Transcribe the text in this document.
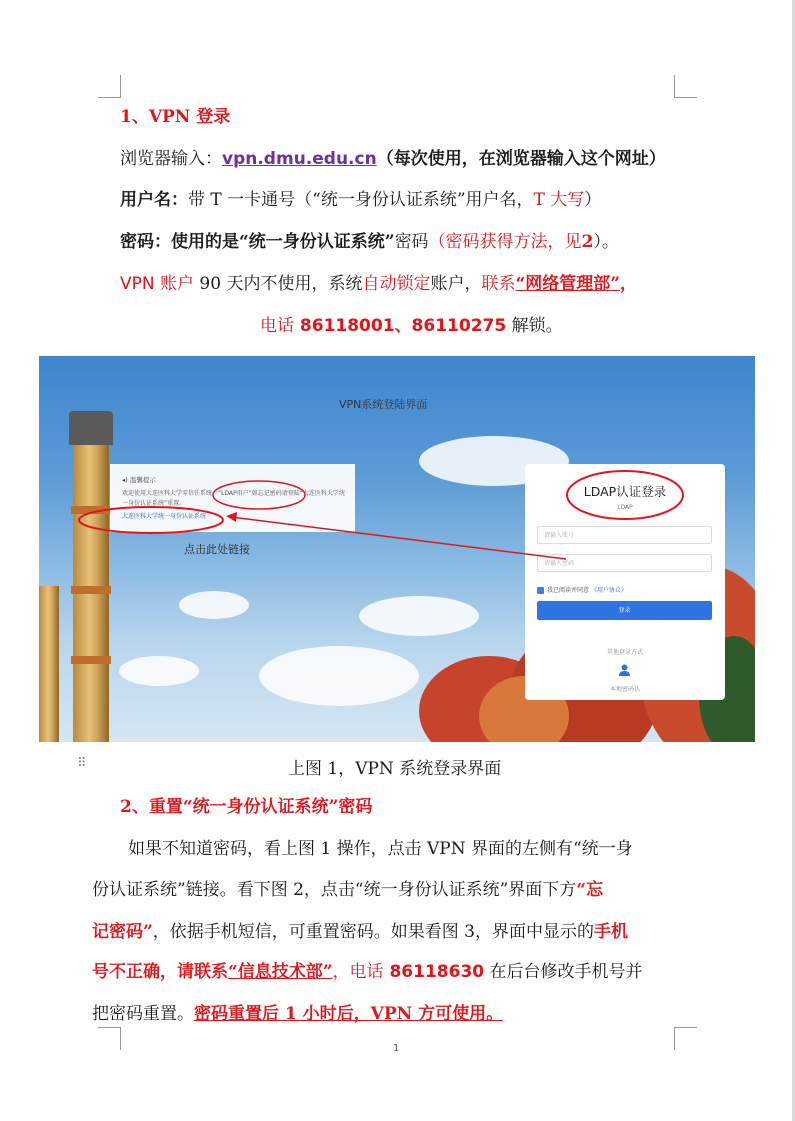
1、VPN 登录
浏览器输入：vpn.dmu.edu.cn（每次使用，在浏览器输入这个网址）
用户名：带 T 一卡通号（“统一身份认证系统”用户名，T 大写）
密码：使用的是“统一身份认证系统”密码（密码获得方法，见2）。
VPN 账户 90 天内不使用，系统自动锁定账户，联系“网络管理部”，
电话 86118001、86110275 解锁。
VPN系统登陆界面
◂) 温馨提示
欢迎使用大连医科大学零信任系统，“LDAP用户”如忘记密码请登陆“大连医科大学统一身份认证系统”重置。
大连医科大学统一身份认证系统
点击此处链接
LDAP认证登录
LDAP
请输入账号
请输入密码
我已阅读并同意 《用户协议》
登录
其他登录方式
本地密码认
⠿	上图 1，VPN 系统登录界面
2、重置“统一身份认证系统”密码
如果不知道密码，看上图 1 操作，点击 VPN 界面的左侧有“统一身
份认证系统”链接。看下图 2，点击“统一身份认证系统”界面下方“忘
记密码”，依据手机短信，可重置密码。如果看图 3，界面中显示的手机
号不正确，请联系“信息技术部”，电话 86118630 在后台修改手机号并
把密码重置。密码重置后 1 小时后，VPN 方可使用。
1
